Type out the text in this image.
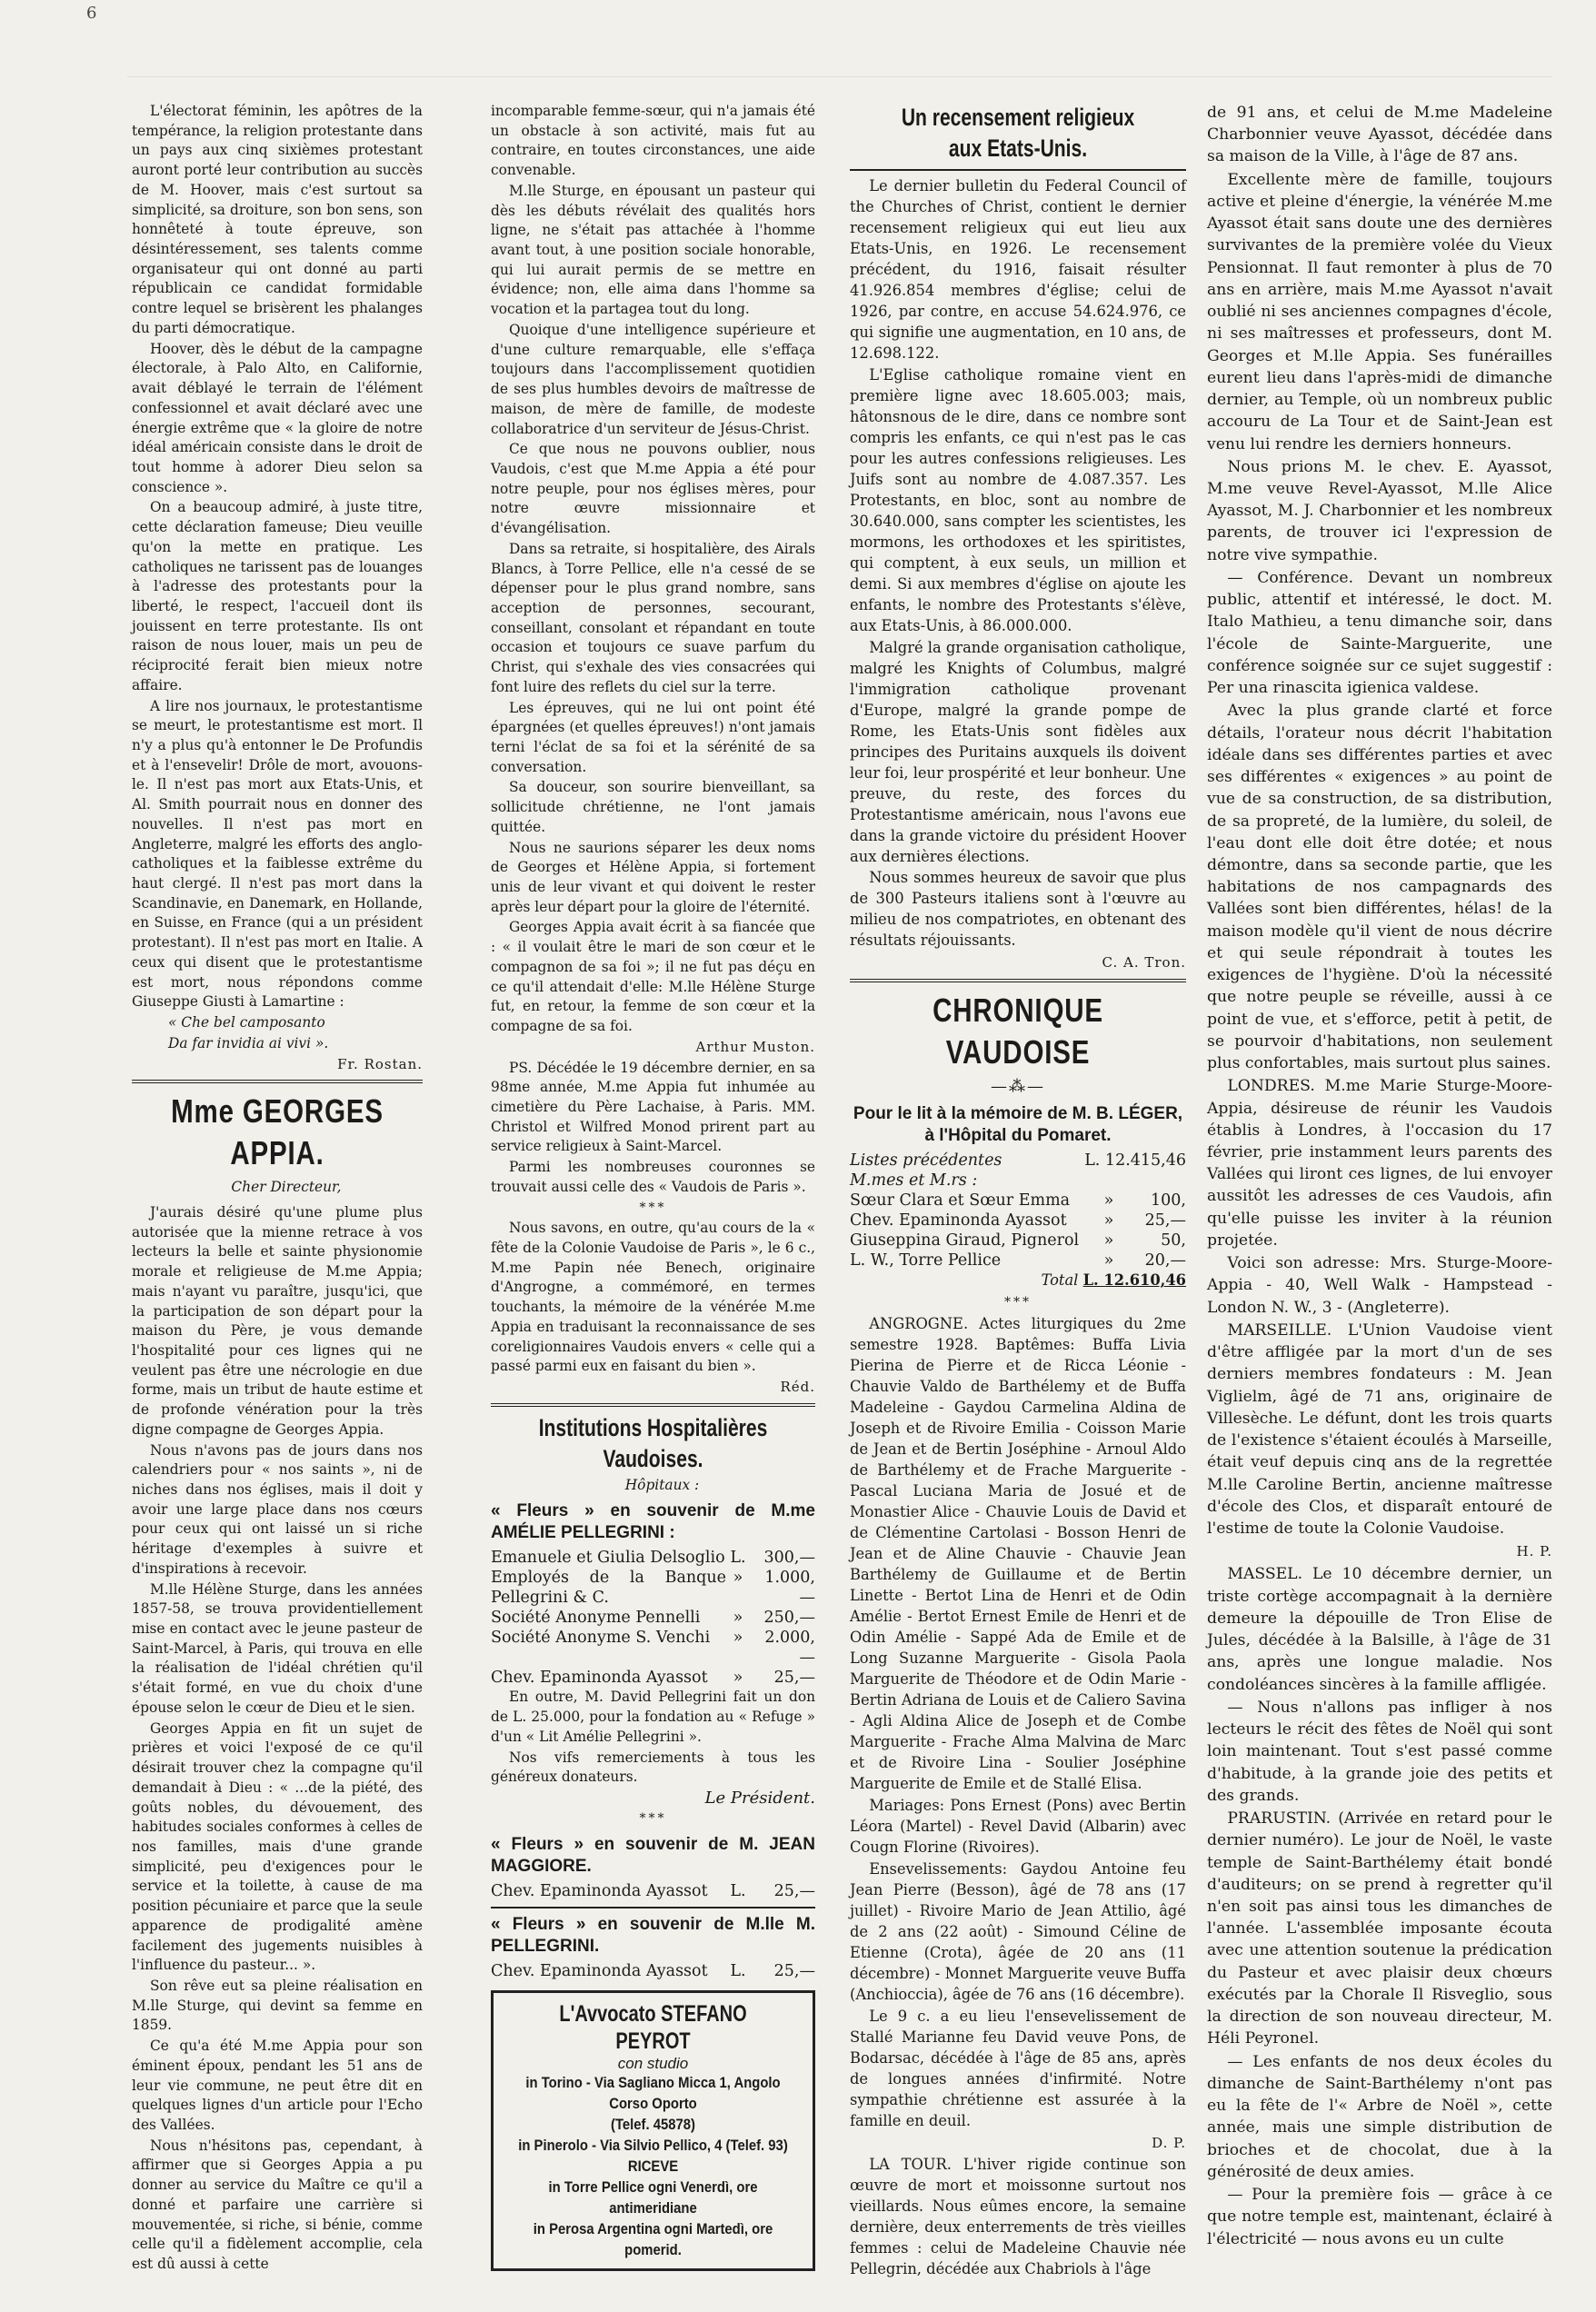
6

L'électorat féminin, les apôtres de la tempérance, la religion protestante dans un pays aux cinq sixièmes protestant auront porté leur contribution au succès de M. Hoover, mais c'est surtout sa simplicité, sa droiture, son bon sens, son honnêteté à toute épreuve, son désintéressement, ses talents comme organisateur qui ont donné au parti républicain ce candidat formidable contre lequel se brisèrent les phalanges du parti démocratique.

Hoover, dès le début de la campagne électorale, à Palo Alto, en Californie, avait déblayé le terrain de l'élément confessionnel et avait déclaré avec une énergie extrême que « la gloire de notre idéal américain consiste dans le droit de tout homme à adorer Dieu selon sa conscience ».

On a beaucoup admiré, à juste titre, cette déclaration fameuse; Dieu veuille qu'on la mette en pratique. Les catholiques ne tarissent pas de louanges à l'adresse des protestants pour la liberté, le respect, l'accueil dont ils jouissent en terre protestante. Ils ont raison de nous louer, mais un peu de réciprocité ferait bien mieux notre affaire.

A lire nos journaux, le protestantisme se meurt, le protestantisme est mort. Il n'y a plus qu'à entonner le De Profundis et à l'ensevelir! Drôle de mort, avouons-le. Il n'est pas mort aux Etats-Unis, et Al. Smith pourrait nous en donner des nouvelles. Il n'est pas mort en Angleterre, malgré les efforts des anglo-catholiques et la faiblesse extrême du haut clergé. Il n'est pas mort dans la Scandinavie, en Danemark, en Hollande, en Suisse, en France (qui a un président protestant). Il n'est pas mort en Italie. A ceux qui disent que le protestantisme est mort, nous répondons comme Giuseppe Giusti à Lamartine :

« Che bel camposanto

Da far invidia ai vivi ».

Fr. Rostan.

Mme GEORGES APPIA.

Cher Directeur,

J'aurais désiré qu'une plume plus autorisée que la mienne retrace à vos lecteurs la belle et sainte physionomie morale et religieuse de M.me Appia; mais n'ayant vu paraître, jusqu'ici, que la participation de son départ pour la maison du Père, je vous demande l'hospitalité pour ces lignes qui ne veulent pas être une nécrologie en due forme, mais un tribut de haute estime et de profonde vénération pour la très digne compagne de Georges Appia.

Nous n'avons pas de jours dans nos calendriers pour « nos saints », ni de niches dans nos églises, mais il doit y avoir une large place dans nos cœurs pour ceux qui ont laissé un si riche héritage d'exemples à suivre et d'inspirations à recevoir.

M.lle Hélène Sturge, dans les années 1857-58, se trouva providentiellement mise en contact avec le jeune pasteur de Saint-Marcel, à Paris, qui trouva en elle la réalisation de l'idéal chrétien qu'il s'était formé, en vue du choix d'une épouse selon le cœur de Dieu et le sien.

Georges Appia en fit un sujet de prières et voici l'exposé de ce qu'il désirait trouver chez la compagne qu'il demandait à Dieu : « ...de la piété, des goûts nobles, du dévouement, des habitudes sociales conformes à celles de nos familles, mais d'une grande simplicité, peu d'exigences pour le service et la toilette, à cause de ma position pécuniaire et parce que la seule apparence de prodigalité amène facilement des jugements nuisibles à l'influence du pasteur... ».

Son rêve eut sa pleine réalisation en M.lle Sturge, qui devint sa femme en 1859.

Ce qu'a été M.me Appia pour son éminent époux, pendant les 51 ans de leur vie commune, ne peut être dit en quelques lignes d'un article pour l'Echo des Vallées.

Nous n'hésitons pas, cependant, à affirmer que si Georges Appia a pu donner au service du Maître ce qu'il a donné et parfaire une carrière si mouvementée, si riche, si bénie, comme celle qu'il a fidèlement accomplie, cela est dû aussi à cette

incomparable femme-sœur, qui n'a jamais été un obstacle à son activité, mais fut au contraire, en toutes circonstances, une aide convenable.

M.lle Sturge, en épousant un pasteur qui dès les débuts révélait des qualités hors ligne, ne s'était pas attachée à l'homme avant tout, à une position sociale honorable, qui lui aurait permis de se mettre en évidence; non, elle aima dans l'homme sa vocation et la partagea tout du long.

Quoique d'une intelligence supérieure et d'une culture remarquable, elle s'effaça toujours dans l'accomplissement quotidien de ses plus humbles devoirs de maîtresse de maison, de mère de famille, de modeste collaboratrice d'un serviteur de Jésus-Christ.

Ce que nous ne pouvons oublier, nous Vaudois, c'est que M.me Appia a été pour notre peuple, pour nos églises mères, pour notre œuvre missionnaire et d'évangélisation.

Dans sa retraite, si hospitalière, des Airals Blancs, à Torre Pellice, elle n'a cessé de se dépenser pour le plus grand nombre, sans acception de personnes, secourant, conseillant, consolant et répandant en toute occasion et toujours ce suave parfum du Christ, qui s'exhale des vies consacrées qui font luire des reflets du ciel sur la terre.

Les épreuves, qui ne lui ont point été épargnées (et quelles épreuves!) n'ont jamais terni l'éclat de sa foi et la sérénité de sa conversation.

Sa douceur, son sourire bienveillant, sa sollicitude chrétienne, ne l'ont jamais quittée.

Nous ne saurions séparer les deux noms de Georges et Hélène Appia, si fortement unis de leur vivant et qui doivent le rester après leur départ pour la gloire de l'éternité.

Georges Appia avait écrit à sa fiancée que : « il voulait être le mari de son cœur et le compagnon de sa foi »; il ne fut pas déçu en ce qu'il attendait d'elle: M.lle Hélène Sturge fut, en retour, la femme de son cœur et la compagne de sa foi.

Arthur Muston.

PS. Décédée le 19 décembre dernier, en sa 98me année, M.me Appia fut inhumée au cimetière du Père Lachaise, à Paris. MM. Christol et Wilfred Monod prirent part au service religieux à Saint-Marcel.

Parmi les nombreuses couronnes se trouvait aussi celle des « Vaudois de Paris ».

***

Nous savons, en outre, qu'au cours de la « fête de la Colonie Vaudoise de Paris », le 6 c., M.me Papin née Benech, originaire d'Angrogne, a commémoré, en termes touchants, la mémoire de la vénérée M.me Appia en traduisant la reconnaissance de ses coreligionnaires Vaudois envers « celle qui a passé parmi eux en faisant du bien ».

Réd.

Institutions Hospitalières Vaudoises.

Hôpitaux :

« Fleurs » en souvenir de M.me AMÉLIE PELLEGRINI :

Emanuele et Giulia Delsoglio	L.	300,—
Employés de la Banque Pellegrini & C.	»	1.000,—
Société Anonyme Pennelli	»	250,—
Société Anonyme S. Venchi	»	2.000,—
Chev. Epaminonda Ayassot	»	25,—

En outre, M. David Pellegrini fait un don de L. 25.000, pour la fondation au « Refuge » d'un « Lit Amélie Pellegrini ».

Nos vifs remerciements à tous les généreux donateurs.

Le Président.

***

« Fleurs » en souvenir de M. JEAN MAGGIORE.

Chev. Epaminonda Ayassot	L.	25,—

« Fleurs » en souvenir de M.lle M. PELLEGRINI.

Chev. Epaminonda Ayassot	L.	25,—
L'Avvocato STEFANO PEYROT
con studio
in Torino - Via Sagliano Micca 1, Angolo Corso Oporto
(Telef. 45878)
in Pinerolo - Via Silvio Pellico, 4 (Telef. 93)
RICEVE
in Torre Pellice ogni Venerdì, ore antimeridiane
in Perosa Argentina ogni Martedì, ore pomerid.
Un recensement religieux aux Etats-Unis.

Le dernier bulletin du Federal Council of the Churches of Christ, contient le dernier recensement religieux qui eut lieu aux Etats-Unis, en 1926. Le recensement précédent, du 1916, faisait résulter 41.926.854 membres d'église; celui de 1926, par contre, en accuse 54.624.976, ce qui signifie une augmentation, en 10 ans, de 12.698.122.

L'Eglise catholique romaine vient en première ligne avec 18.605.003; mais, hâtonsnous de le dire, dans ce nombre sont compris les enfants, ce qui n'est pas le cas pour les autres confessions religieuses. Les Juifs sont au nombre de 4.087.357. Les Protestants, en bloc, sont au nombre de 30.640.000, sans compter les scientistes, les mormons, les orthodoxes et les spiritistes, qui comptent, à eux seuls, un million et demi. Si aux membres d'église on ajoute les enfants, le nombre des Protestants s'élève, aux Etats-Unis, à 86.000.000.

Malgré la grande organisation catholique, malgré les Knights of Columbus, malgré l'immigration catholique provenant d'Europe, malgré la grande pompe de Rome, les Etats-Unis sont fidèles aux principes des Puritains auxquels ils doivent leur foi, leur prospérité et leur bonheur. Une preuve, du reste, des forces du Protestantisme américain, nous l'avons eue dans la grande victoire du président Hoover aux dernières élections.

Nous sommes heureux de savoir que plus de 300 Pasteurs italiens sont à l'œuvre au milieu de nos compatriotes, en obtenant des résultats réjouissants.

C. A. Tron.

CHRONIQUE VAUDOISE

—⁂—

Pour le lit à la mémoire de M. B. LÉGER, à l'Hôpital du Pomaret.

Listes précédentes	L. 12.415,46
M.mes et M.rs :
Sœur Clara et Sœur Emma	»	100,
Chev. Epaminonda Ayassot	»	25,—
Giuseppina Giraud, Pignerol	»	50,
L. W., Torre Pellice	»	20,—

Total L. 12.610,46

***

ANGROGNE. Actes liturgiques du 2me semestre 1928. Baptêmes: Buffa Livia Pierina de Pierre et de Ricca Léonie - Chauvie Valdo de Barthélemy et de Buffa Madeleine - Gaydou Carmelina Aldina de Joseph et de Rivoire Emilia - Coisson Marie de Jean et de Bertin Joséphine - Arnoul Aldo de Barthélemy et de Frache Marguerite - Pascal Luciana Maria de Josué et de Monastier Alice - Chauvie Louis de David et de Clémentine Cartolasi - Bosson Henri de Jean et de Aline Chauvie - Chauvie Jean Barthélemy de Guillaume et de Bertin Linette - Bertot Lina de Henri et de Odin Amélie - Bertot Ernest Emile de Henri et de Odin Amélie - Sappé Ada de Emile et de Long Suzanne Marguerite - Gisola Paola Marguerite de Théodore et de Odin Marie - Bertin Adriana de Louis et de Caliero Savina - Agli Aldina Alice de Joseph et de Combe Marguerite - Frache Alma Malvina de Marc et de Rivoire Lina - Soulier Joséphine Marguerite de Emile et de Stallé Elisa.

Mariages: Pons Ernest (Pons) avec Bertin Léora (Martel) - Revel David (Albarin) avec Cougn Florine (Rivoires).

Ensevelissements: Gaydou Antoine feu Jean Pierre (Besson), âgé de 78 ans (17 juillet) - Rivoire Mario de Jean Attilio, âgé de 2 ans (22 août) - Simound Céline de Etienne (Crota), âgée de 20 ans (11 décembre) - Monnet Marguerite veuve Buffa (Anchioccia), âgée de 76 ans (16 décembre).

Le 9 c. a eu lieu l'ensevelissement de Stallé Marianne feu David veuve Pons, de Bodarsac, décédée à l'âge de 85 ans, après de longues années d'infirmité. Notre sympathie chrétienne est assurée à la famille en deuil.

D. P.

LA TOUR. L'hiver rigide continue son œuvre de mort et moissonne surtout nos vieillards. Nous eûmes encore, la semaine dernière, deux enterrements de très vieilles femmes : celui de Madeleine Chauvie née Pellegrin, décédée aux Chabriols à l'âge

de 91 ans, et celui de M.me Madeleine Charbonnier veuve Ayassot, décédée dans sa maison de la Ville, à l'âge de 87 ans.

Excellente mère de famille, toujours active et pleine d'énergie, la vénérée M.me Ayassot était sans doute une des dernières survivantes de la première volée du Vieux Pensionnat. Il faut remonter à plus de 70 ans en arrière, mais M.me Ayassot n'avait oublié ni ses anciennes compagnes d'école, ni ses maîtresses et professeurs, dont M. Georges et M.lle Appia. Ses funérailles eurent lieu dans l'après-midi de dimanche dernier, au Temple, où un nombreux public accouru de La Tour et de Saint-Jean est venu lui rendre les derniers honneurs.

Nous prions M. le chev. E. Ayassot, M.me veuve Revel-Ayassot, M.lle Alice Ayassot, M. J. Charbonnier et les nombreux parents, de trouver ici l'expression de notre vive sympathie.

— Conférence. Devant un nombreux public, attentif et intéressé, le doct. M. Italo Mathieu, a tenu dimanche soir, dans l'école de Sainte-Marguerite, une conférence soignée sur ce sujet suggestif : Per una rinascita igienica valdese.

Avec la plus grande clarté et force détails, l'orateur nous décrit l'habitation idéale dans ses différentes parties et avec ses différentes « exigences » au point de vue de sa construction, de sa distribution, de sa propreté, de la lumière, du soleil, de l'eau dont elle doit être dotée; et nous démontre, dans sa seconde partie, que les habitations de nos campagnards des Vallées sont bien différentes, hélas! de la maison modèle qu'il vient de nous décrire et qui seule répondrait à toutes les exigences de l'hygiène. D'où la nécessité que notre peuple se réveille, aussi à ce point de vue, et s'efforce, petit à petit, de se pourvoir d'habitations, non seulement plus confortables, mais surtout plus saines.

LONDRES. M.me Marie Sturge-Moore-Appia, désireuse de réunir les Vaudois établis à Londres, à l'occasion du 17 février, prie instamment leurs parents des Vallées qui liront ces lignes, de lui envoyer aussitôt les adresses de ces Vaudois, afin qu'elle puisse les inviter à la réunion projetée.

Voici son adresse: Mrs. Sturge-Moore-Appia - 40, Well Walk - Hampstead - London N. W., 3 - (Angleterre).

MARSEILLE. L'Union Vaudoise vient d'être affligée par la mort d'un de ses derniers membres fondateurs : M. Jean Viglielm, âgé de 71 ans, originaire de Villesèche. Le défunt, dont les trois quarts de l'existence s'étaient écoulés à Marseille, était veuf depuis cinq ans de la regrettée M.lle Caroline Bertin, ancienne maîtresse d'école des Clos, et disparaît entouré de l'estime de toute la Colonie Vaudoise.

H. P.

MASSEL. Le 10 décembre dernier, un triste cortège accompagnait à la dernière demeure la dépouille de Tron Elise de Jules, décédée à la Balsille, à l'âge de 31 ans, après une longue maladie. Nos condoléances sincères à la famille affligée.

— Nous n'allons pas infliger à nos lecteurs le récit des fêtes de Noël qui sont loin maintenant. Tout s'est passé comme d'habitude, à la grande joie des petits et des grands.

PRARUSTIN. (Arrivée en retard pour le dernier numéro). Le jour de Noël, le vaste temple de Saint-Barthélemy était bondé d'auditeurs; on se prend à regretter qu'il n'en soit pas ainsi tous les dimanches de l'année. L'assemblée imposante écouta avec une attention soutenue la prédication du Pasteur et avec plaisir deux chœurs exécutés par la Chorale Il Risveglio, sous la direction de son nouveau directeur, M. Héli Peyronel.

— Les enfants de nos deux écoles du dimanche de Saint-Barthélemy n'ont pas eu la fête de l'« Arbre de Noël », cette année, mais une simple distribution de brioches et de chocolat, due à la générosité de deux amies.

— Pour la première fois — grâce à ce que notre temple est, maintenant, éclairé à l'électricité — nous avons eu un culte
